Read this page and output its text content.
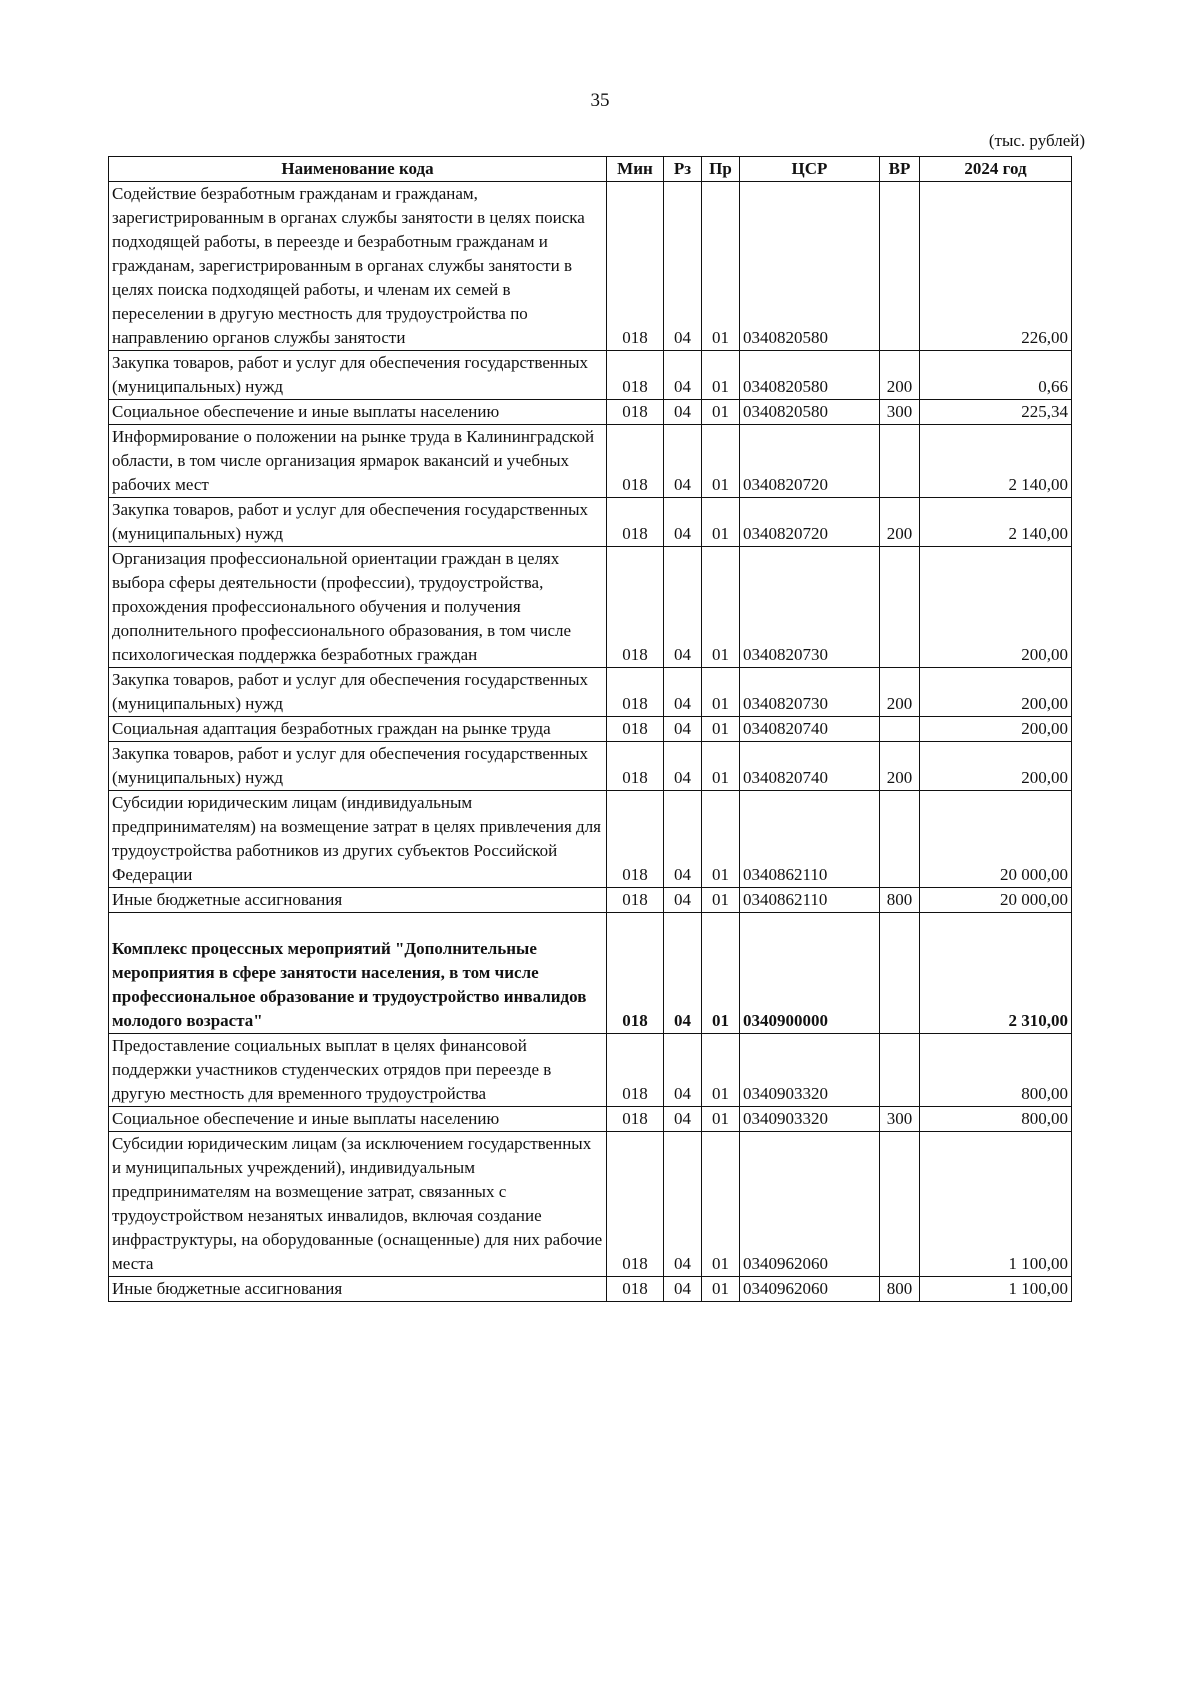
35
(тыс. рублей)
Наименование кода	Мин	Рз	Пр	ЦСР	ВР	2024 год
Содействие безработным гражданам и гражданам, зарегистрированным в органах службы занятости в целях поиска подходящей работы, в переезде и безработным гражданам и гражданам, зарегистрированным в органах службы занятости в целях поиска подходящей работы, и членам их семей в переселении в другую местность для трудоустройства по направлению органов службы занятости	018	04	01	0340820580		226,00
Закупка товаров, работ и услуг для обеспечения государственных (муниципальных) нужд	018	04	01	0340820580	200	0,66
Социальное обеспечение и иные выплаты населению	018	04	01	0340820580	300	225,34
Информирование о положении на рынке труда в Калининградской области, в том числе организация ярмарок вакансий и учебных рабочих мест	018	04	01	0340820720		2 140,00
Закупка товаров, работ и услуг для обеспечения государственных (муниципальных) нужд	018	04	01	0340820720	200	2 140,00
Организация профессиональной ориентации граждан в целях выбора сферы деятельности (профессии), трудоустройства, прохождения профессионального обучения и получения дополнительного профессионального образования, в том числе психологическая поддержка безработных граждан	018	04	01	0340820730		200,00
Закупка товаров, работ и услуг для обеспечения государственных (муниципальных) нужд	018	04	01	0340820730	200	200,00
Социальная адаптация безработных граждан на рынке труда	018	04	01	0340820740		200,00
Закупка товаров, работ и услуг для обеспечения государственных (муниципальных) нужд	018	04	01	0340820740	200	200,00
Субсидии юридическим лицам (индивидуальным предпринимателям) на возмещение затрат в целях привлечения для трудоустройства работников из других субъектов Российской Федерации	018	04	01	0340862110		20 000,00
Иные бюджетные ассигнования	018	04	01	0340862110	800	20 000,00
Комплекс процессных мероприятий "Дополнительные мероприятия в сфере занятости населения, в том числе профессиональное образование и трудоустройство инвалидов молодого возраста"	018	04	01	0340900000		2 310,00
Предоставление социальных выплат в целях финансовой поддержки участников студенческих отрядов при переезде в другую местность для временного трудоустройства	018	04	01	0340903320		800,00
Социальное обеспечение и иные выплаты населению	018	04	01	0340903320	300	800,00
Субсидии юридическим лицам (за исключением государственных и муниципальных учреждений), индивидуальным предпринимателям на возмещение затрат, связанных с трудоустройством незанятых инвалидов, включая создание инфраструктуры, на оборудованные (оснащенные) для них рабочие места	018	04	01	0340962060		1 100,00
Иные бюджетные ассигнования	018	04	01	0340962060	800	1 100,00
